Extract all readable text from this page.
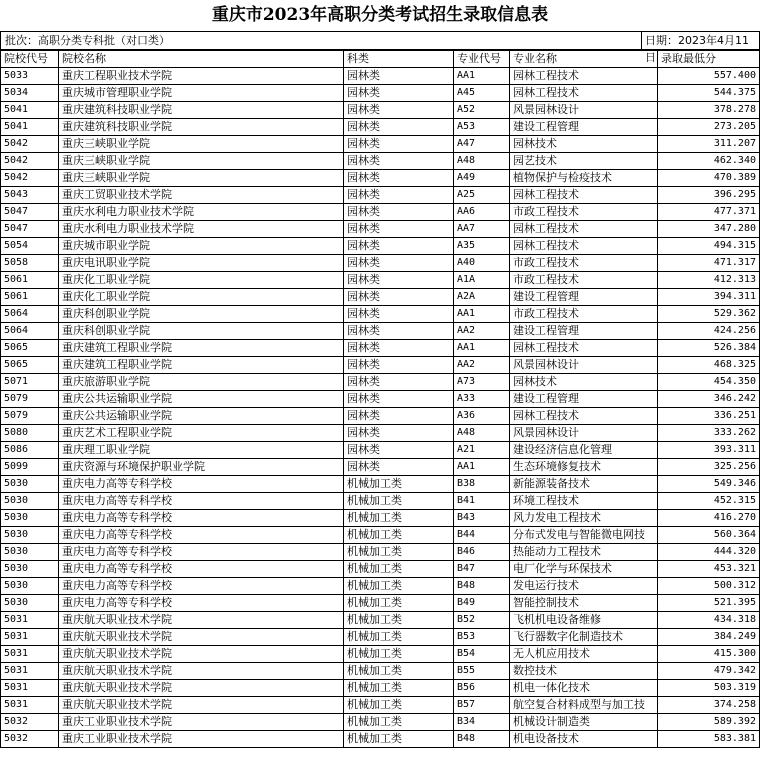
重庆市2023年高职分类考试招生录取信息表
批次：高职分类专科批（对口类）	日期：2023年4月11日
院校代号	院校名称	科类	专业代号	专业名称	录取最低分
5033	重庆工程职业技术学院	园林类	AA1	园林工程技术	557.400
5034	重庆城市管理职业学院	园林类	A45	园林工程技术	544.375
5041	重庆建筑科技职业学院	园林类	A52	风景园林设计	378.278
5041	重庆建筑科技职业学院	园林类	A53	建设工程管理	273.205
5042	重庆三峡职业学院	园林类	A47	园林技术	311.207
5042	重庆三峡职业学院	园林类	A48	园艺技术	462.340
5042	重庆三峡职业学院	园林类	A49	植物保护与检疫技术	470.389
5043	重庆工贸职业技术学院	园林类	A25	园林工程技术	396.295
5047	重庆水利电力职业技术学院	园林类	AA6	市政工程技术	477.371
5047	重庆水利电力职业技术学院	园林类	AA7	园林工程技术	347.280
5054	重庆城市职业学院	园林类	A35	园林工程技术	494.315
5058	重庆电讯职业学院	园林类	A40	市政工程技术	471.317
5061	重庆化工职业学院	园林类	A1A	市政工程技术	412.313
5061	重庆化工职业学院	园林类	A2A	建设工程管理	394.311
5064	重庆科创职业学院	园林类	AA1	市政工程技术	529.362
5064	重庆科创职业学院	园林类	AA2	建设工程管理	424.256
5065	重庆建筑工程职业学院	园林类	AA1	园林工程技术	526.384
5065	重庆建筑工程职业学院	园林类	AA2	风景园林设计	468.325
5071	重庆旅游职业学院	园林类	A73	园林技术	454.350
5079	重庆公共运输职业学院	园林类	A33	建设工程管理	346.242
5079	重庆公共运输职业学院	园林类	A36	园林工程技术	336.251
5080	重庆艺术工程职业学院	园林类	A48	风景园林设计	333.262
5086	重庆理工职业学院	园林类	A21	建设经济信息化管理	393.311
5099	重庆资源与环境保护职业学院	园林类	AA1	生态环境修复技术	325.256
5030	重庆电力高等专科学校	机械加工类	B38	新能源装备技术	549.346
5030	重庆电力高等专科学校	机械加工类	B41	环境工程技术	452.315
5030	重庆电力高等专科学校	机械加工类	B43	风力发电工程技术	416.270
5030	重庆电力高等专科学校	机械加工类	B44	分布式发电与智能微电网技	560.364
5030	重庆电力高等专科学校	机械加工类	B46	热能动力工程技术	444.320
5030	重庆电力高等专科学校	机械加工类	B47	电厂化学与环保技术	453.321
5030	重庆电力高等专科学校	机械加工类	B48	发电运行技术	500.312
5030	重庆电力高等专科学校	机械加工类	B49	智能控制技术	521.395
5031	重庆航天职业技术学院	机械加工类	B52	飞机机电设备维修	434.318
5031	重庆航天职业技术学院	机械加工类	B53	飞行器数字化制造技术	384.249
5031	重庆航天职业技术学院	机械加工类	B54	无人机应用技术	415.300
5031	重庆航天职业技术学院	机械加工类	B55	数控技术	479.342
5031	重庆航天职业技术学院	机械加工类	B56	机电一体化技术	503.319
5031	重庆航天职业技术学院	机械加工类	B57	航空复合材料成型与加工技	374.258
5032	重庆工业职业技术学院	机械加工类	B34	机械设计制造类	589.392
5032	重庆工业职业技术学院	机械加工类	B48	机电设备技术	583.381
